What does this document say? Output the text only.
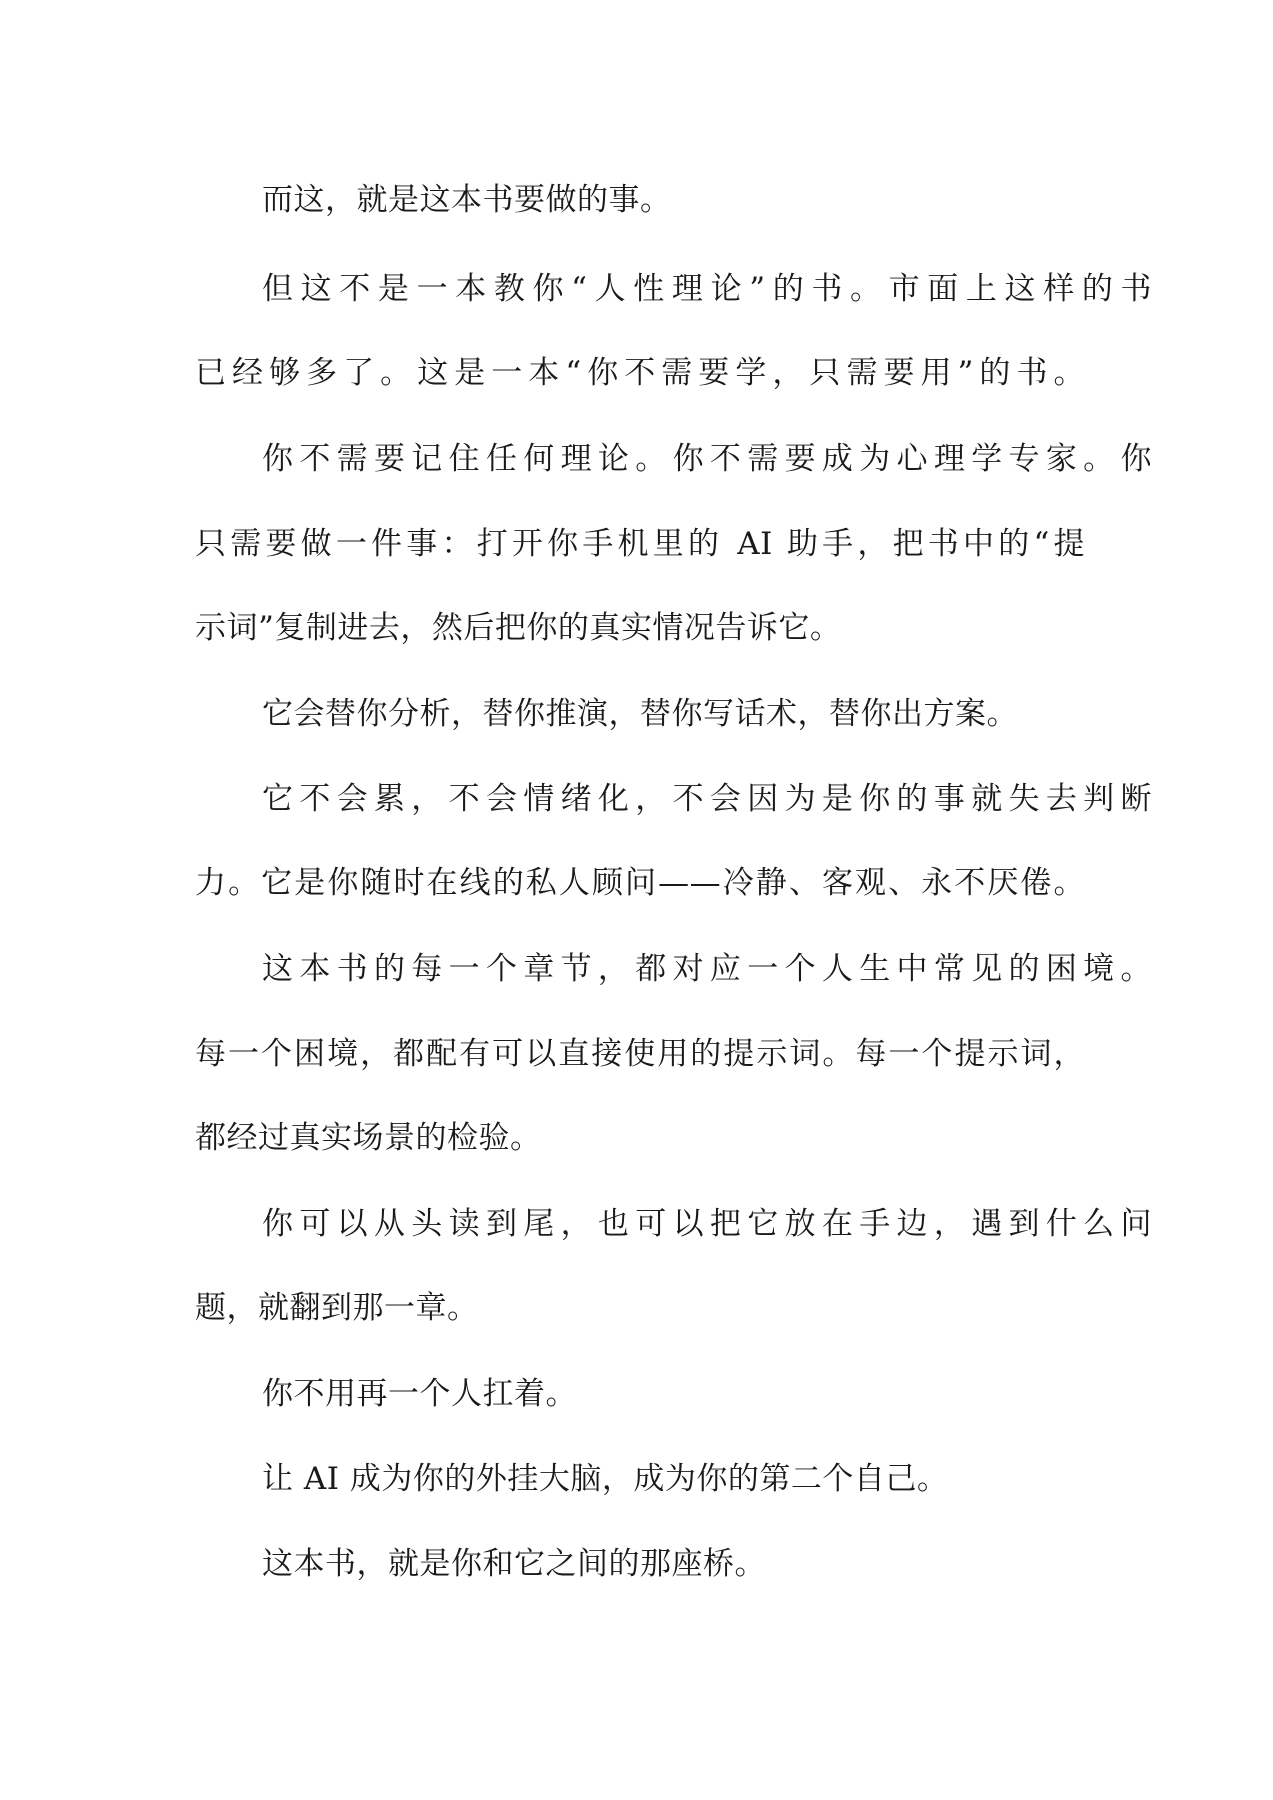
而这，就是这本书要做的事。

但这不是一本教你“人性理论”的书。市面上这样的书

已经够多了。这是一本“你不需要学，只需要用”的书。

你不需要记住任何理论。你不需要成为心理学专家。你

只需要做一件事：打开你手机里的 AI 助手，把书中的“提

示词”复制进去，然后把你的真实情况告诉它。

它会替你分析，替你推演，替你写话术，替你出方案。

它不会累，不会情绪化，不会因为是你的事就失去判断

力。它是你随时在线的私人顾问——冷静、客观、永不厌倦。

这本书的每一个章节，都对应一个人生中常见的困境。

每一个困境，都配有可以直接使用的提示词。每一个提示词，

都经过真实场景的检验。

你可以从头读到尾，也可以把它放在手边，遇到什么问

题，就翻到那一章。

你不用再一个人扛着。

让 AI 成为你的外挂大脑，成为你的第二个自己。

这本书，就是你和它之间的那座桥。
